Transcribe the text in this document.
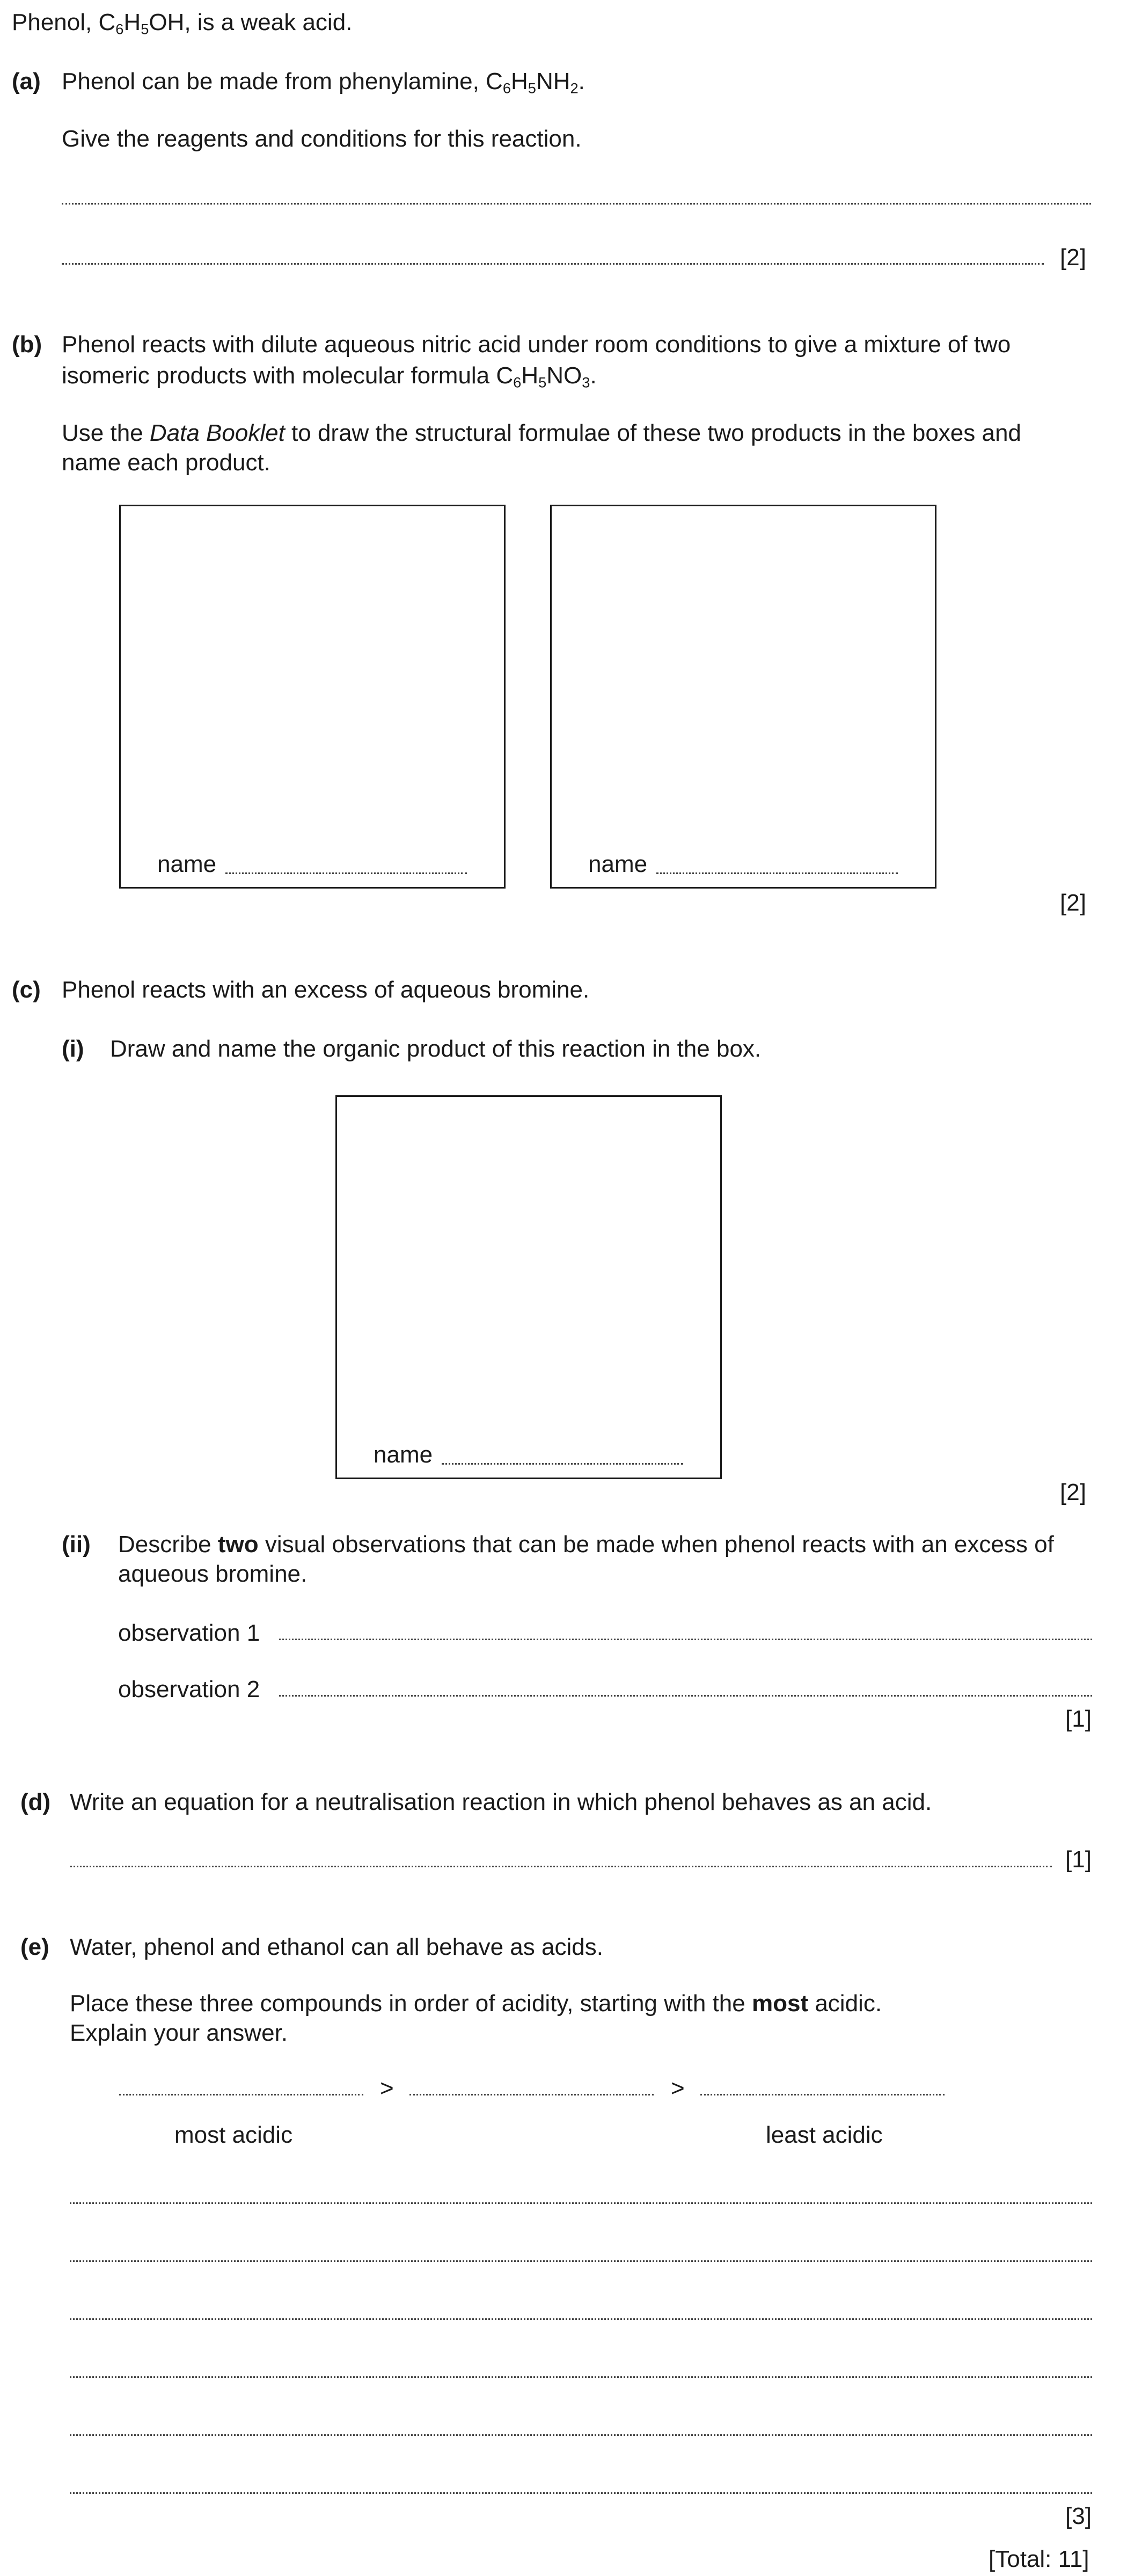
Phenol, $C_6H_5OH$, is a weak acid.
(a) Phenol can be made from phenylamine, $C_6H_5NH_2$.
Give the reagents and conditions for this reaction.
[2]
(b) Phenol reacts with dilute aqueous nitric acid under room conditions to give a mixture of two
isomeric products with molecular formula $C_6H_5NO_3$.
Use the Data Booklet to draw the structural formulae of these two products in the boxes and
name each product.
name	name
[2]
(c) Phenol reacts with an excess of aqueous bromine.
(i) Draw and name the organic product of this reaction in the box.
name
[2]
(ii) Describe two visual observations that can be made when phenol reacts with an excess of
aqueous bromine.
observation 1
observation 2
[1]
(d) Write an equation for a neutralisation reaction in which phenol behaves as an acid.
[1]
(e) Water, phenol and ethanol can all behave as acids.
Place these three compounds in order of acidity, starting with the most acidic.
Explain your answer.
>	>
most acidic	least acidic
[3]
[Total: 11]
